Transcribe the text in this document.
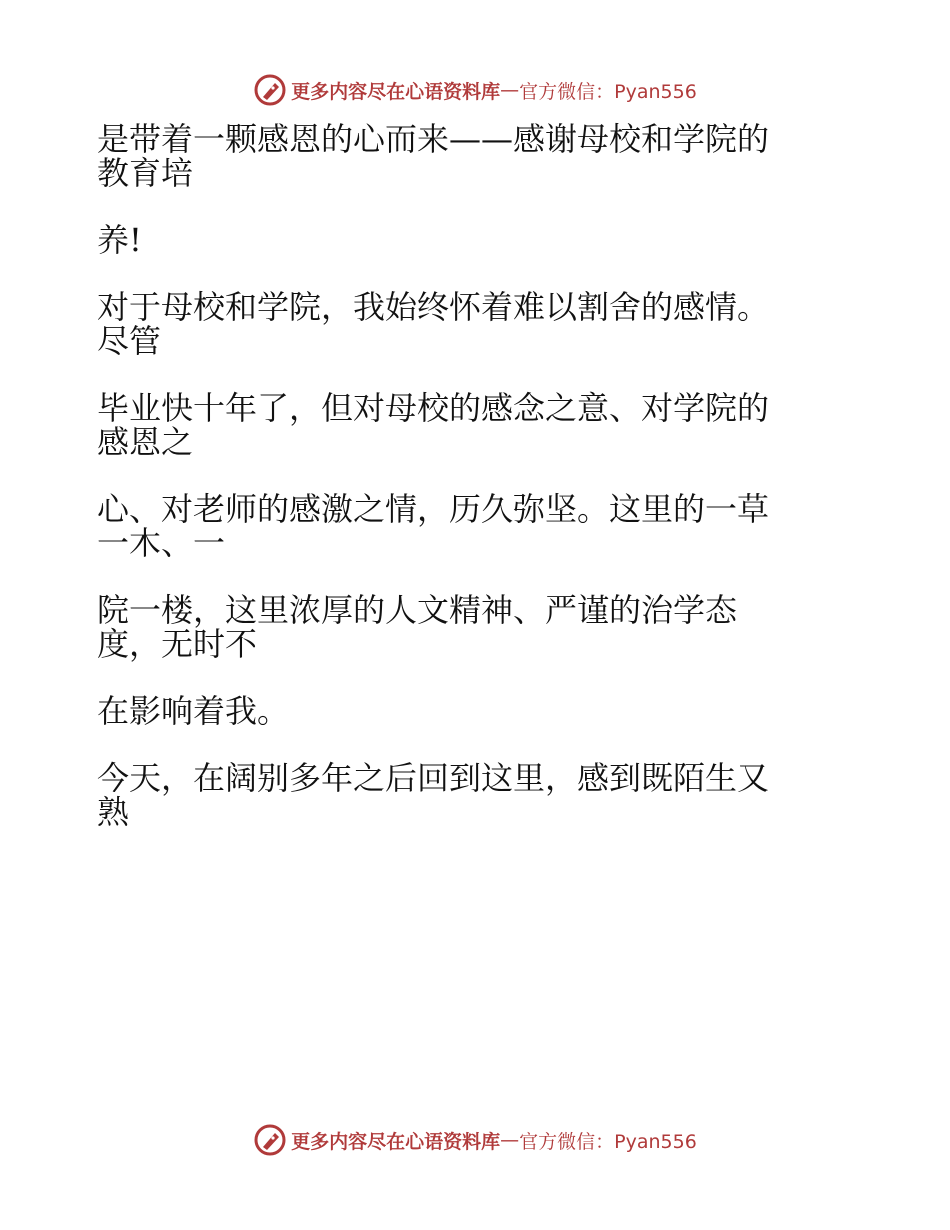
更多内容尽在心语资料库 — 官方微信：Pyan556
是带着一颗感恩的心而来——感谢母校和学院的
教育培
养!
对于母校和学院，我始终怀着难以割舍的感情。
尽管
毕业快十年了，但对母校的感念之意、对学院的
感恩之
心、对老师的感激之情，历久弥坚。这里的一草
一木、一
院一楼，这里浓厚的人文精神、严谨的治学态
度，无时不
在影响着我。
今天，在阔别多年之后回到这里，感到既陌生又
熟
更多内容尽在心语资料库 — 官方微信：Pyan556
